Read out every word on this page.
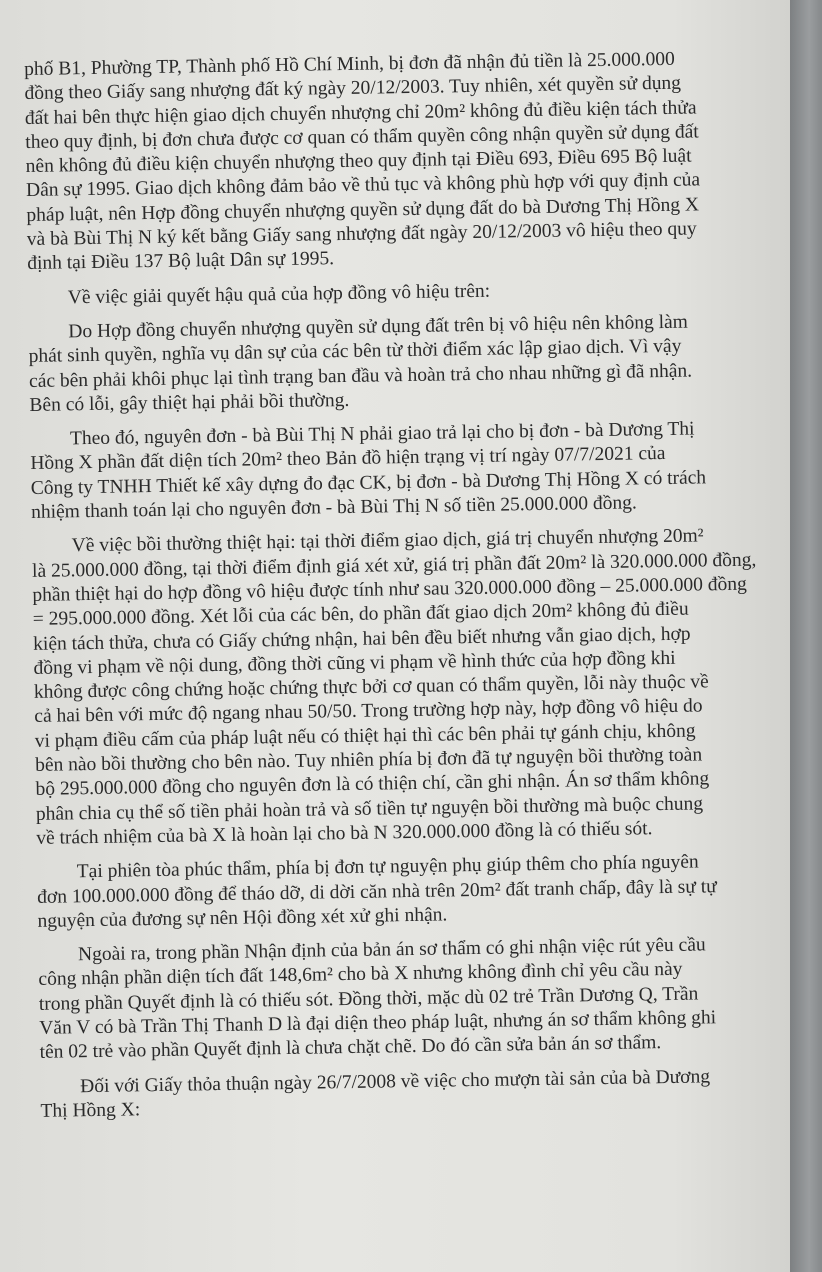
phố B1, Phường TP, Thành phố Hồ Chí Minh, bị đơn đã nhận đủ tiền là 25.000.000
đồng theo Giấy sang nhượng đất ký ngày 20/12/2003. Tuy nhiên, xét quyền sử dụng
đất hai bên thực hiện giao dịch chuyển nhượng chỉ 20m² không đủ điều kiện tách thửa
theo quy định, bị đơn chưa được cơ quan có thẩm quyền công nhận quyền sử dụng đất
nên không đủ điều kiện chuyển nhượng theo quy định tại Điều 693, Điều 695 Bộ luật
Dân sự 1995. Giao dịch không đảm bảo về thủ tục và không phù hợp với quy định của
pháp luật, nên Hợp đồng chuyển nhượng quyền sử dụng đất do bà Dương Thị Hồng X
và bà Bùi Thị N ký kết bằng Giấy sang nhượng đất ngày 20/12/2003 vô hiệu theo quy
định tại Điều 137 Bộ luật Dân sự 1995.
Về việc giải quyết hậu quả của hợp đồng vô hiệu trên:
Do Hợp đồng chuyển nhượng quyền sử dụng đất trên bị vô hiệu nên không làm
phát sinh quyền, nghĩa vụ dân sự của các bên từ thời điểm xác lập giao dịch. Vì vậy
các bên phải khôi phục lại tình trạng ban đầu và hoàn trả cho nhau những gì đã nhận.
Bên có lỗi, gây thiệt hại phải bồi thường.
Theo đó, nguyên đơn - bà Bùi Thị N phải giao trả lại cho bị đơn - bà Dương Thị
Hồng X phần đất diện tích 20m² theo Bản đồ hiện trạng vị trí ngày 07/7/2021 của
Công ty TNHH Thiết kế xây dựng đo đạc CK, bị đơn - bà Dương Thị Hồng X có trách
nhiệm thanh toán lại cho nguyên đơn - bà Bùi Thị N số tiền 25.000.000 đồng.
Về việc bồi thường thiệt hại: tại thời điểm giao dịch, giá trị chuyển nhượng 20m²
là 25.000.000 đồng, tại thời điểm định giá xét xử, giá trị phần đất 20m² là 320.000.000 đồng,
phần thiệt hại do hợp đồng vô hiệu được tính như sau 320.000.000 đồng – 25.000.000 đồng
= 295.000.000 đồng. Xét lỗi của các bên, do phần đất giao dịch 20m² không đủ điều
kiện tách thửa, chưa có Giấy chứng nhận, hai bên đều biết nhưng vẫn giao dịch, hợp
đồng vi phạm về nội dung, đồng thời cũng vi phạm về hình thức của hợp đồng khi
không được công chứng hoặc chứng thực bởi cơ quan có thẩm quyền, lỗi này thuộc về
cả hai bên với mức độ ngang nhau 50/50. Trong trường hợp này, hợp đồng vô hiệu do
vi phạm điều cấm của pháp luật nếu có thiệt hại thì các bên phải tự gánh chịu, không
bên nào bồi thường cho bên nào. Tuy nhiên phía bị đơn đã tự nguyện bồi thường toàn
bộ 295.000.000 đồng cho nguyên đơn là có thiện chí, cần ghi nhận. Án sơ thẩm không
phân chia cụ thể số tiền phải hoàn trả và số tiền tự nguyện bồi thường mà buộc chung
về trách nhiệm của bà X là hoàn lại cho bà N 320.000.000 đồng là có thiếu sót.
Tại phiên tòa phúc thẩm, phía bị đơn tự nguyện phụ giúp thêm cho phía nguyên
đơn 100.000.000 đồng để tháo dỡ, di dời căn nhà trên 20m² đất tranh chấp, đây là sự tự
nguyện của đương sự nên Hội đồng xét xử ghi nhận.
Ngoài ra, trong phần Nhận định của bản án sơ thẩm có ghi nhận việc rút yêu cầu
công nhận phần diện tích đất 148,6m² cho bà X nhưng không đình chỉ yêu cầu này
trong phần Quyết định là có thiếu sót. Đồng thời, mặc dù 02 trẻ Trần Dương Q, Trần
Văn V có bà Trần Thị Thanh D là đại diện theo pháp luật, nhưng án sơ thẩm không ghi
tên 02 trẻ vào phần Quyết định là chưa chặt chẽ. Do đó cần sửa bản án sơ thẩm.
Đối với Giấy thỏa thuận ngày 26/7/2008 về việc cho mượn tài sản của bà Dương
Thị Hồng X:
